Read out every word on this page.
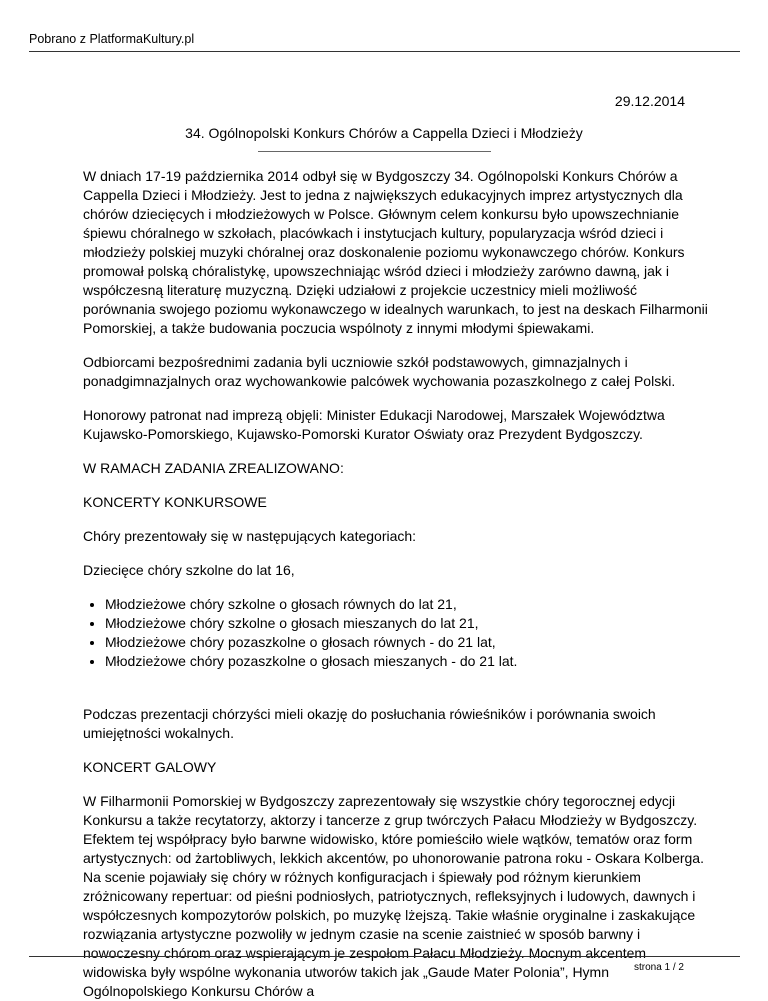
Pobrano z PlatformaKultury.pl
29.12.2014
34. Ogólnopolski Konkurs Chórów a Cappella Dzieci i Młodzieży

W dniach 17-19 października 2014 odbył się w Bydgoszczy 34. Ogólnopolski Konkurs Chórów a Cappella Dzieci i Młodzieży. Jest to jedna z największych edukacyjnych imprez artystycznych dla chórów dziecięcych i młodzieżowych w Polsce. Głównym celem konkursu było upowszechnianie śpiewu chóralnego w szkołach, placówkach i instytucjach kultury, popularyzacja wśród dzieci i młodzieży polskiej muzyki chóralnej oraz doskonalenie poziomu wykonawczego chórów. Konkurs promował polską chóralistykę, upowszechniając wśród dzieci i młodzieży zarówno dawną, jak i współczesną literaturę muzyczną. Dzięki udziałowi z projekcie uczestnicy mieli możliwość porównania swojego poziomu wykonawczego w idealnych warunkach, to jest na deskach Filharmonii Pomorskiej, a także budowania poczucia wspólnoty z innymi młodymi śpiewakami.

Odbiorcami bezpośrednimi zadania byli uczniowie szkół podstawowych, gimnazjalnych i ponadgimnazjalnych oraz wychowankowie palcówek wychowania pozaszkolnego z całej Polski.

Honorowy patronat nad imprezą objęli: Minister Edukacji Narodowej, Marszałek Województwa Kujawsko-Pomorskiego, Kujawsko-Pomorski Kurator Oświaty oraz Prezydent Bydgoszczy.

W RAMACH ZADANIA ZREALIZOWANO:

KONCERTY KONKURSOWE

Chóry prezentowały się w następujących kategoriach:

Dziecięce chóry szkolne do lat 16,

• Młodzieżowe chóry szkolne o głosach równych do lat 21,
• Młodzieżowe chóry szkolne o głosach mieszanych do lat 21,
• Młodzieżowe chóry pozaszkolne o głosach równych - do 21 lat,
• Młodzieżowe chóry pozaszkolne o głosach mieszanych - do 21 lat.

Podczas prezentacji chórzyści mieli okazję do posłuchania rówieśników i porównania swoich umiejętności wokalnych.

KONCERT GALOWY

W Filharmonii Pomorskiej w Bydgoszczy zaprezentowały się wszystkie chóry tegorocznej edycji Konkursu a także recytatorzy, aktorzy i tancerze z grup twórczych Pałacu Młodzieży w Bydgoszczy. Efektem tej współpracy było barwne widowisko, które pomieściło wiele wątków, tematów oraz form artystycznych: od żartobliwych, lekkich akcentów, po uhonorowanie patrona roku - Oskara Kolberga. Na scenie pojawiały się chóry w różnych konfiguracjach i śpiewały pod różnym kierunkiem zróżnicowany repertuar: od pieśni podniosłych, patriotycznych, refleksyjnych i ludowych, dawnych i współczesnych kompozytorów polskich, po muzykę lżejszą. Takie właśnie oryginalne i zaskakujące rozwiązania artystyczne pozwoliły w jednym czasie na scenie zaistnieć w sposób barwny i nowoczesny chórom oraz wspierającym je zespołom Pałacu Młodzieży. Mocnym akcentem widowiska były wspólne wykonania utworów takich jak „Gaude Mater Polonia”, Hymn Ogólnopolskiego Konkursu Chórów a

strona 1 / 2
